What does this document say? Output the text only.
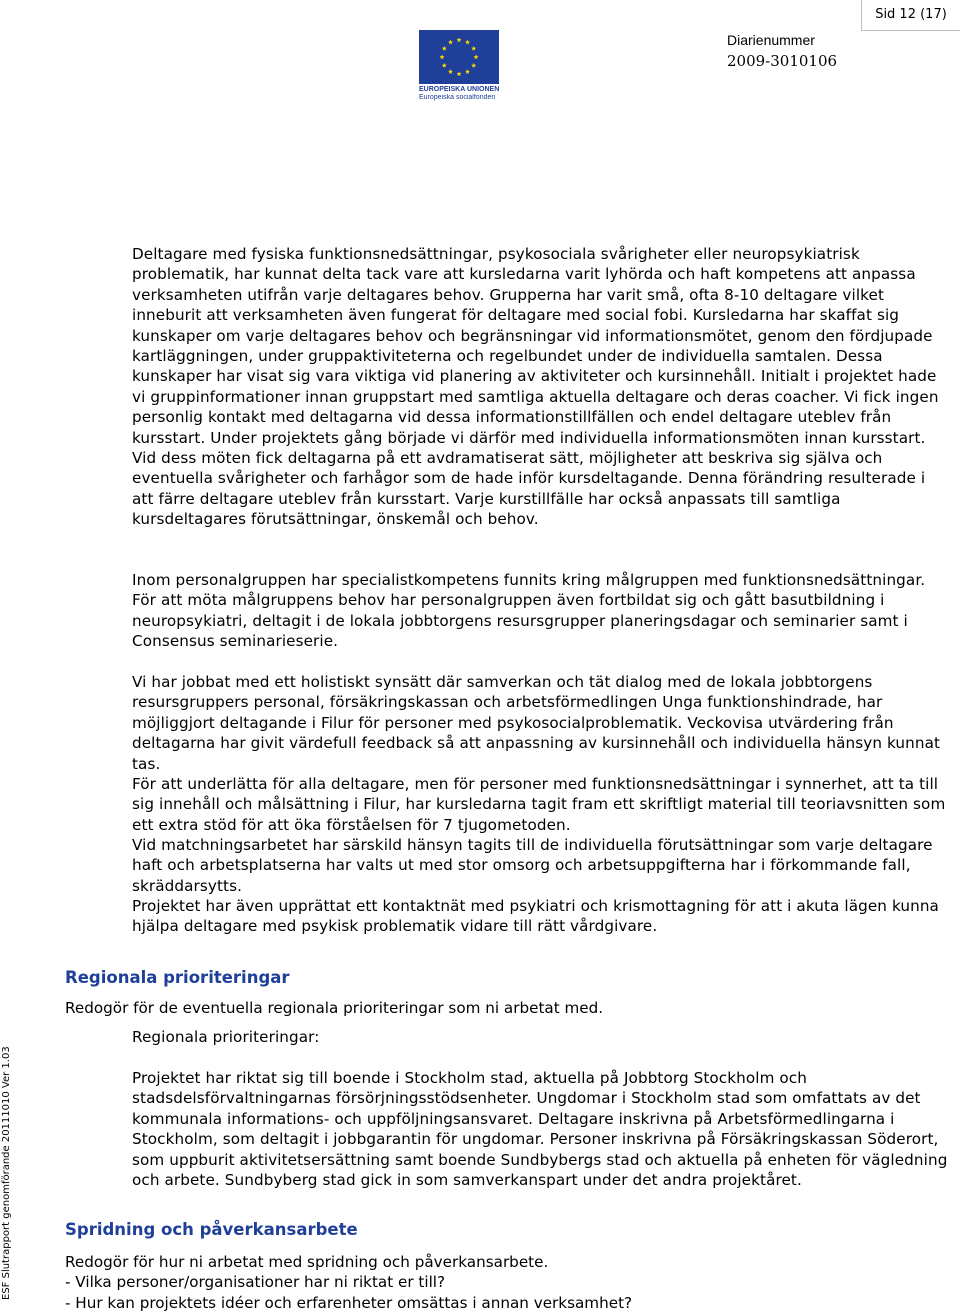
Sid 12 (17)
EUROPEISKA UNIONEN
Europeiska socialfonden
Diarienummer
2009-3010106
ESF Slutrapport genomförande 20111010 Ver 1.03

Deltagare med fysiska funktionsnedsättningar, psykosociala svårigheter eller neuropsykiatrisk problematik, har kunnat delta tack vare att kursledarna varit lyhörda och haft kompetens att anpassa verksamheten utifrån varje deltagares behov. Grupperna har varit små, ofta 8-10 deltagare vilket inneburit att verksamheten även fungerat för deltagare med social fobi. Kursledarna har skaffat sig kunskaper om varje deltagares behov och begränsningar vid informationsmötet, genom den fördjupade kartläggningen, under gruppaktiviteterna och regelbundet under de individuella samtalen. Dessa kunskaper har visat sig vara viktiga vid planering av aktiviteter och kursinnehåll. Initialt i projektet hade vi gruppinformationer innan gruppstart med samtliga aktuella deltagare och deras coacher. Vi fick ingen personlig kontakt med deltagarna vid dessa informationstillfällen och endel deltagare uteblev från kursstart. Under projektets gång började vi därför med individuella informationsmöten innan kursstart. Vid dess möten fick deltagarna på ett avdramatiserat sätt, möjligheter att beskriva sig själva och eventuella svårigheter och farhågor som de hade inför kursdeltagande. Denna förändring resulterade i att färre deltagare uteblev från kursstart. Varje kurstillfälle har också anpassats till samtliga kursdeltagares förutsättningar, önskemål och behov.

Inom personalgruppen har specialistkompetens funnits kring målgruppen med funktionsnedsättningar. För att möta målgruppens behov har personalgruppen även fortbildat sig och gått basutbildning i neuropsykiatri, deltagit i de lokala jobbtorgens resursgrupper planeringsdagar och seminarier samt i Consensus seminarieserie.

Vi har jobbat med ett holistiskt synsätt där samverkan och tät dialog med de lokala jobbtorgens resursgruppers personal, försäkringskassan och arbetsförmedlingen Unga funktionshindrade, har möjliggjort deltagande i Filur för personer med psykosocialproblematik. Veckovisa utvärdering från deltagarna har givit värdefull feedback så att anpassning av kursinnehåll och individuella hänsyn kunnat tas.

För att underlätta för alla deltagare, men för personer med funktionsnedsättningar i synnerhet, att ta till sig innehåll och målsättning i Filur, har kursledarna tagit fram ett skriftligt material till teoriavsnitten som ett extra stöd för att öka förståelsen för 7 tjugometoden.

Vid matchningsarbetet har särskild hänsyn tagits till de individuella förutsättningar som varje deltagare haft och arbetsplatserna har valts ut med stor omsorg och arbetsuppgifterna har i förkommande fall, skräddarsytts.

Projektet har även upprättat ett kontaktnät med psykiatri och krismottagning för att i akuta lägen kunna hjälpa deltagare med psykisk problematik vidare till rätt vårdgivare.

Regionala prioriteringar

Redogör för de eventuella regionala prioriteringar som ni arbetat med.

Regionala prioriteringar:

Projektet har riktat sig till boende i Stockholm stad, aktuella på Jobbtorg Stockholm och stadsdelsförvaltningarnas försörjningsstödsenheter. Ungdomar i Stockholm stad som omfattats av det kommunala informations- och uppföljningsansvaret. Deltagare inskrivna på Arbetsförmedlingarna i Stockholm, som deltagit i jobbgarantin för ungdomar. Personer inskrivna på Försäkringskassan Söderort, som uppburit aktivitetsersättning samt boende Sundbybergs stad och aktuella på enheten för vägledning och arbete. Sundbyberg stad gick in som samverkanspart under det andra projektåret.

Spridning och påverkansarbete

Redogör för hur ni arbetat med spridning och påverkansarbete.

- Vilka personer/organisationer har ni riktat er till?

- Hur kan projektets idéer och erfarenheter omsättas i annan verksamhet?
